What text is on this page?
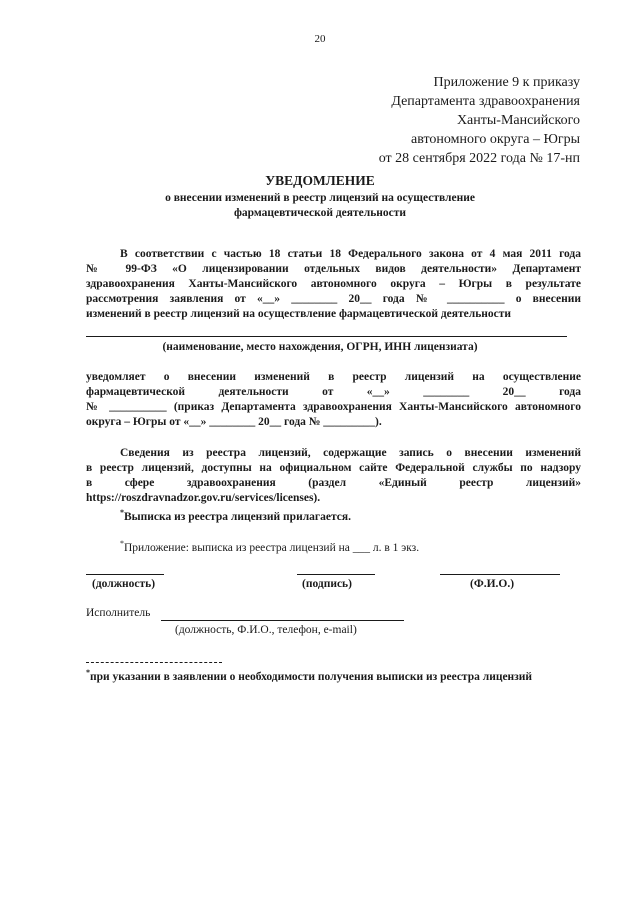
20
Приложение 9 к приказу
Департамента здравоохранения
Ханты-Мансийского
автономного округа – Югры
от 28 сентября 2022 года № 17-нп
УВЕДОМЛЕНИЕ
о внесении изменений в реестр лицензий на осуществление
фармацевтической деятельности
В соответствии с частью 18 статьи 18 Федерального закона от 4 мая 2011 года
№ 99-ФЗ «О лицензировании отдельных видов деятельности» Департамент
здравоохранения Ханты-Мансийского автономного округа – Югры в результате
рассмотрения заявления от «__» ________ 20__ года № __________ о внесении
изменений в реестр лицензий на осуществление фармацевтической деятельности
(наименование, место нахождения, ОГРН, ИНН лицензиата)
уведомляет о внесении изменений в реестр лицензий на осуществление
фармацевтической деятельности от «__» ________ 20__ года
№ __________ (приказ Департамента здравоохранения Ханты-Мансийского автономного
округа – Югры от «__» ________ 20__ года № _________).
Сведения из реестра лицензий, содержащие запись о внесении изменений
в реестр лицензий, доступны на официальном сайте Федеральной службы по надзору
в сфере здравоохранения (раздел «Единый реестр лицензий»
https://roszdravnadzor.gov.ru/services/licenses).
*Выписка из реестра лицензий прилагается.
*Приложение: выписка из реестра лицензий на ___ л. в 1 экз.
(должность)	(подпись)	(Ф.И.О.)
Исполнитель
(должность, Ф.И.О., телефон, e-mail)
*при указании в заявлении о необходимости получения выписки из реестра лицензий
